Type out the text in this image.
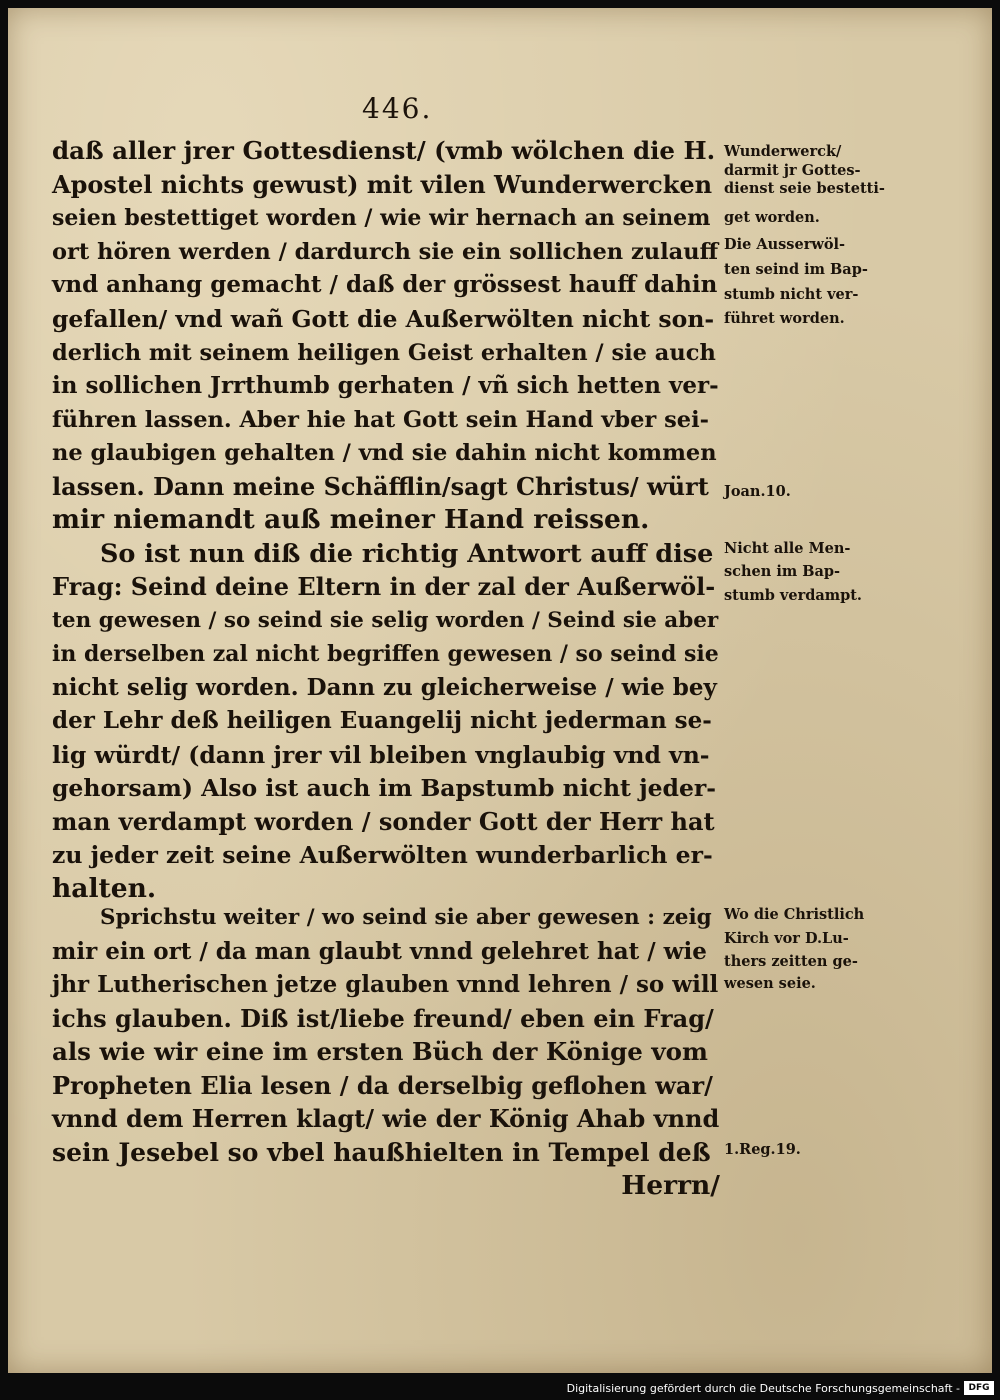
446.
daß aller jrer Gottesdienst/ (vmb wölchen die H.
Apostel nichts gewust) mit vilen Wunderwercken
seien bestettiget worden / wie wir hernach an seinem
ort hören werden / dardurch sie ein sollichen zulauff
vnd anhang gemacht / daß der grössest hauff dahin
gefallen/ vnd wañ Gott die Außerwölten nicht son-
derlich mit seinem heiligen Geist erhalten / sie auch
in sollichen Jrrthumb gerhaten / vñ sich hetten ver-
führen lassen. Aber hie hat Gott sein Hand vber sei-
ne glaubigen gehalten / vnd sie dahin nicht kommen
lassen. Dann meine Schäfflin/sagt Christus/ würt
mir niemandt auß meiner Hand reissen.
So ist nun diß die richtig Antwort auff dise
Frag: Seind deine Eltern in der zal der Außerwöl-
ten gewesen / so seind sie selig worden / Seind sie aber
in derselben zal nicht begriffen gewesen / so seind sie
nicht selig worden. Dann zu gleicherweise / wie bey
der Lehr deß heiligen Euangelij nicht jederman se-
lig würdt/ (dann jrer vil bleiben vnglaubig vnd vn-
gehorsam) Also ist auch im Bapstumb nicht jeder-
man verdampt worden / sonder Gott der Herr hat
zu jeder zeit seine Außerwölten wunderbarlich er-
halten.
Sprichstu weiter / wo seind sie aber gewesen : zeig
mir ein ort / da man glaubt vnnd gelehret hat / wie
jhr Lutherischen jetze glauben vnnd lehren / so will
ichs glauben. Diß ist/liebe freund/ eben ein Frag/
als wie wir eine im ersten Büch der Könige vom
Propheten Elia lesen / da derselbig geflohen war/
vnnd dem Herren klagt/ wie der König Ahab vnnd
sein Jesebel so vbel haußhielten in Tempel deß
Herrn/
Wunderwerck/
darmit jr Gottes-
dienst seie bestetti-
get worden.
Die Ausserwöl-
ten seind im Bap-
stumb nicht ver-
führet worden.
Joan.10.
Nicht alle Men-
schen im Bap-
stumb verdampt.
Wo die Christlich
Kirch vor D.Lu-
thers zeitten ge-
wesen seie.
1.Reg.19.
Digitalisierung gefördert durch die Deutsche Forschungsgemeinschaft - DFG
